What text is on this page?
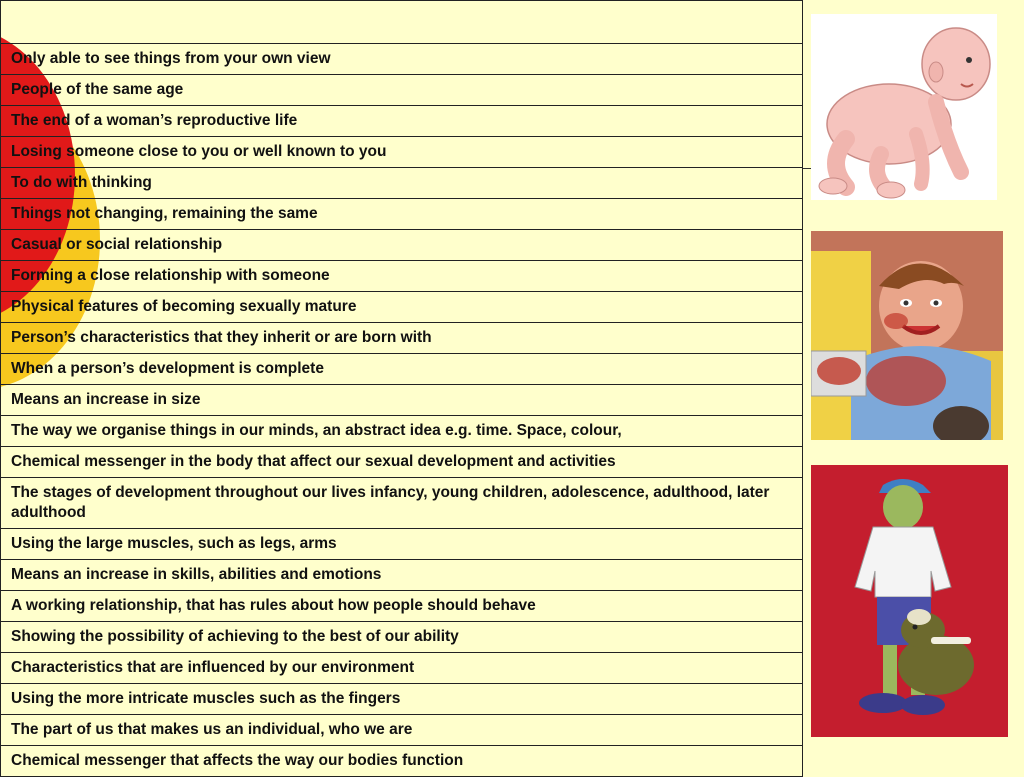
Only able to see things from your own view
People of the same age
The end of a woman’s reproductive life
Losing someone close to you or well known to you
To do with thinking
Things not changing, remaining the same
Casual or social relationship
Forming a close relationship with someone
Physical features of becoming sexually mature
Person’s characteristics that they inherit or are born with
When a person’s development is complete
Means an increase in size
The way we organise things in our minds, an abstract idea e.g. time. Space, colour,
Chemical messenger in the body that affect our sexual development and activities
The stages of development throughout our lives infancy, young children, adolescence, adulthood, later adulthood
Using the large muscles, such as legs, arms
Means an increase in skills, abilities and emotions
A working relationship, that has rules about how people should behave
Showing the possibility of achieving to the best of our ability
Characteristics that are influenced by our environment
Using the more intricate muscles such as the fingers
The part of us that makes us an individual, who we are
Chemical messenger that affects the way our bodies function
